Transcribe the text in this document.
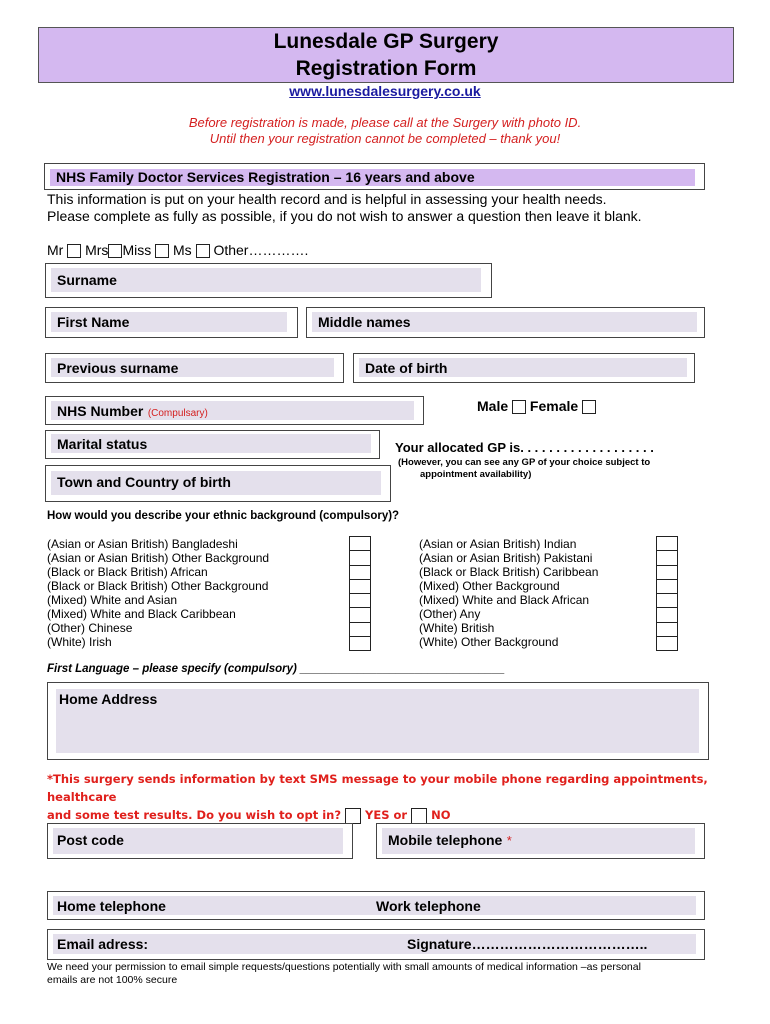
Lunesdale GP Surgery
Registration Form
www.lunesdalesurgery.co.uk
Before registration is made, please call at the Surgery with photo ID.
Until then your registration cannot be completed – thank you!
NHS Family Doctor Services Registration – 16 years and above
This information is put on your health record and is helpful in assessing your health needs.
Please complete as fully as possible, if you do not wish to answer a question then leave it blank.
Mr Mrs Miss Ms Other………….
Surname
First Name	Middle names
Previous surname	Date of birth
NHS Number (Compulsary)	Male Female
Marital status	Your allocated GP is. . . . . . . . . . . . . . . . . . .
(However, you can see any GP of your choice subject to
appointment availability)
Town and Country of birth
How would you describe your ethnic background (compulsory)?
(Asian or Asian British) Bangladeshi
(Asian or Asian British) Other Background
(Black or Black British) African
(Black or Black British) Other Background
(Mixed) White and Asian
(Mixed) White and Black Caribbean
(Other) Chinese
(White) Irish
(Asian or Asian British) Indian
(Asian or Asian British) Pakistani
(Black or Black British) Caribbean
(Mixed) Other Background
(Mixed) White and Black African
(Other) Any
(White) British
(White) Other Background
First Language – please specify (compulsory) ________________________________
Home Address
*This surgery sends information by text SMS message to your mobile phone regarding appointments, healthcare
and some test results. Do you wish to opt in? YES or NO
Post code	Mobile telephone *
Home telephone	Work telephone
Email adress:	Signature………………………………..
We need your permission to email simple requests/questions potentially with small amounts of medical information –as personal
emails are not 100% secure
